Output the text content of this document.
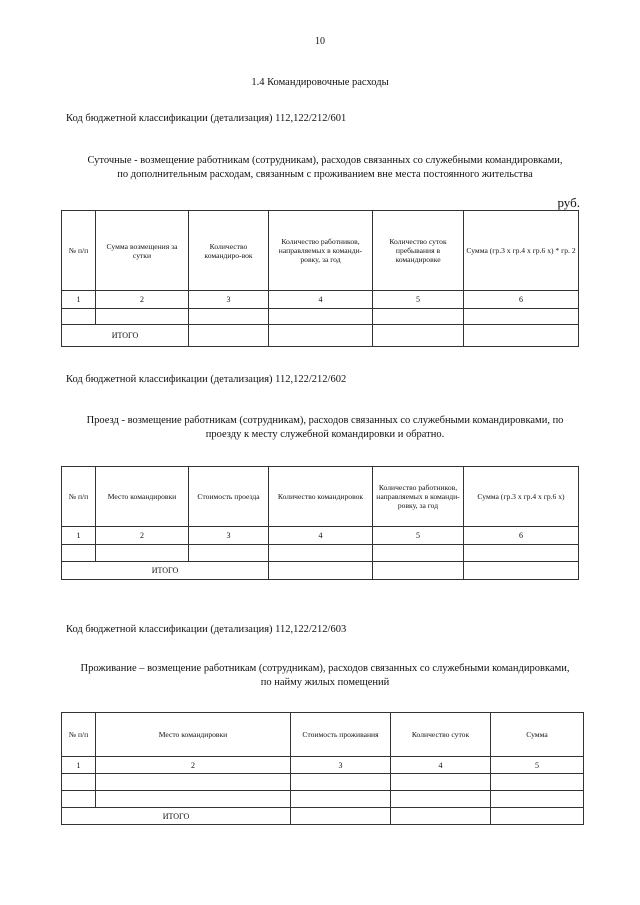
10
1.4 Командировочные расходы
Код бюджетной классификации (детализация) 112,122/212/601
Суточные - возмещение работникам (сотрудникам), расходов связанных со служебными командировками,
по дополнительным расходам, связанным с проживанием вне места постоянного жительства
руб.
№ п/п	Сумма возмещения за сутки	Количество командиро-вок	Количество работников, направляемых в команди-ровку, за год	Количество суток пребывания в командировке	Сумма (гр.3 х гр.4 х гр.6 х) * гр. 2
1	2	3	4	5	6

ИТОГО					
Код бюджетной классификации (детализация) 112,122/212/602
Проезд - возмещение работникам (сотрудникам), расходов связанных со служебными командировками, по
проезду к месту служебной командировки и обратно.
№ п/п	Место командировки	Стоимость проезда	Количество командировок	Количество работников, направляемых в команди-ровку, за год	Сумма (гр.3 х гр.4 х гр.6 х)
1	2	3	4	5	6

ИТОГО					
Код бюджетной классификации (детализация) 112,122/212/603
Проживание – возмещение работникам (сотрудникам), расходов связанных со служебными командировками,
по найму жилых помещений
№ п/п	Место командировки	Стоимость проживания	Количество суток	Сумма
1	2	3	4	5

ИТОГО				
